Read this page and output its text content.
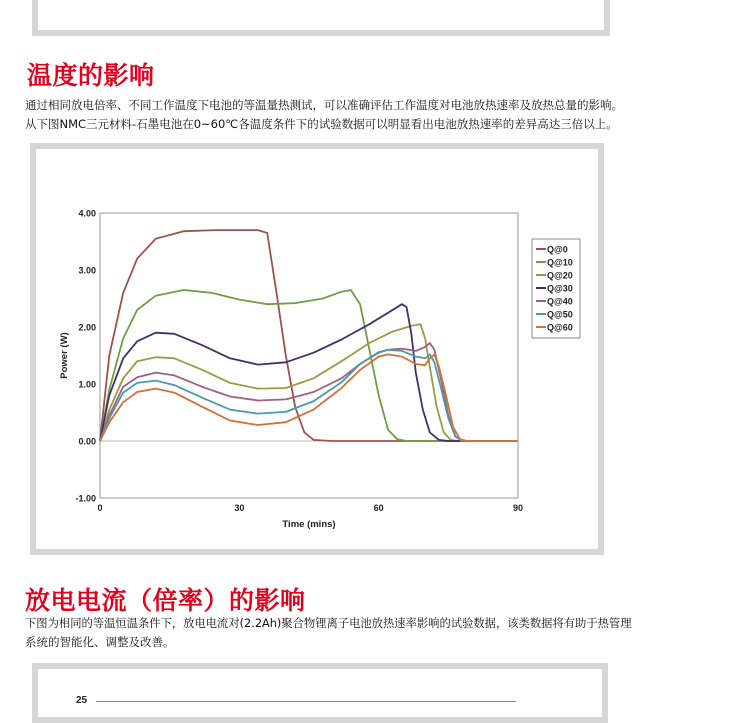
温度的影响

通过相同放电倍率、不同工作温度下电池的等温量热测试，可以准确评估工作温度对电池放热速率及放热总量的影响。

从下图NMC三元材料-石墨电池在0~60℃各温度条件下的试验数据可以明显看出电池放热速率的差异高达三倍以上。

4.00
3.00
2.00
1.00
0.00
-1.00
0	30	60	90
Time (mins)
Power (W)
Q@0
Q@10
Q@20
Q@30
Q@40
Q@50
Q@60
放电电流（倍率）的影响

下图为相同的等温恒温条件下，放电电流对(2.2Ah)聚合物锂离子电池放热速率影响的试验数据，该类数据将有助于热管理

系统的智能化、调整及改善。

25
